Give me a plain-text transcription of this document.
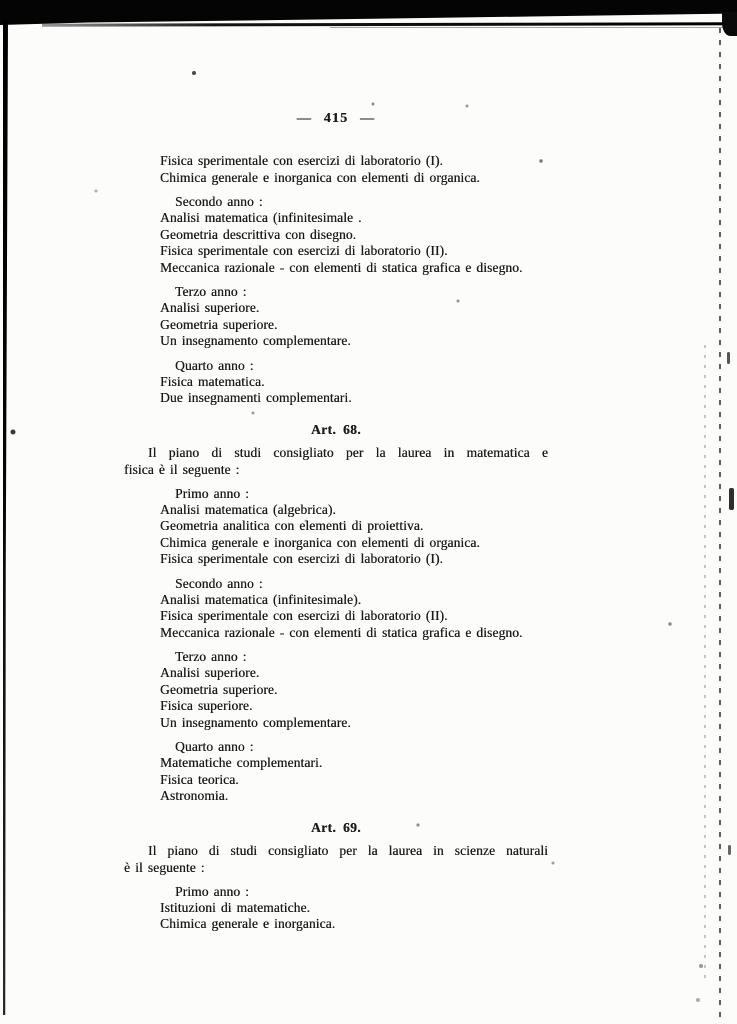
— 415 —
Fisica sperimentale con esercizi di laboratorio (I).
Chimica generale e inorganica con elementi di organica.
Secondo anno :
Analisi matematica (infinitesimale .
Geometria descrittiva con disegno.
Fisica sperimentale con esercizi di laboratorio (II).
Meccanica razionale - con elementi di statica grafica e disegno.
Terzo anno :
Analisi superiore.
Geometria superiore.
Un insegnamento complementare.
Quarto anno :
Fisica matematica.
Due insegnamenti complementari.
Art. 68.
Il piano di studi consigliato per la laurea in matematica e
fisica è il seguente :
Primo anno :
Analisi matematica (algebrica).
Geometria analitica con elementi di proiettiva.
Chimica generale e inorganica con elementi di organica.
Fisica sperimentale con esercizi di laboratorio (I).
Secondo anno :
Analisi matematica (infinitesimale).
Fisica sperimentale con esercizi di laboratorio (II).
Meccanica razionale - con elementi di statica grafica e disegno.
Terzo anno :
Analisi superiore.
Geometria superiore.
Fisica superiore.
Un insegnamento complementare.
Quarto anno :
Matematiche complementari.
Fisica teorica.
Astronomia.
Art. 69.
Il piano di studi consigliato per la laurea in scienze naturali
è il seguente :
Primo anno :
Istituzioni di matematiche.
Chimica generale e inorganica.
